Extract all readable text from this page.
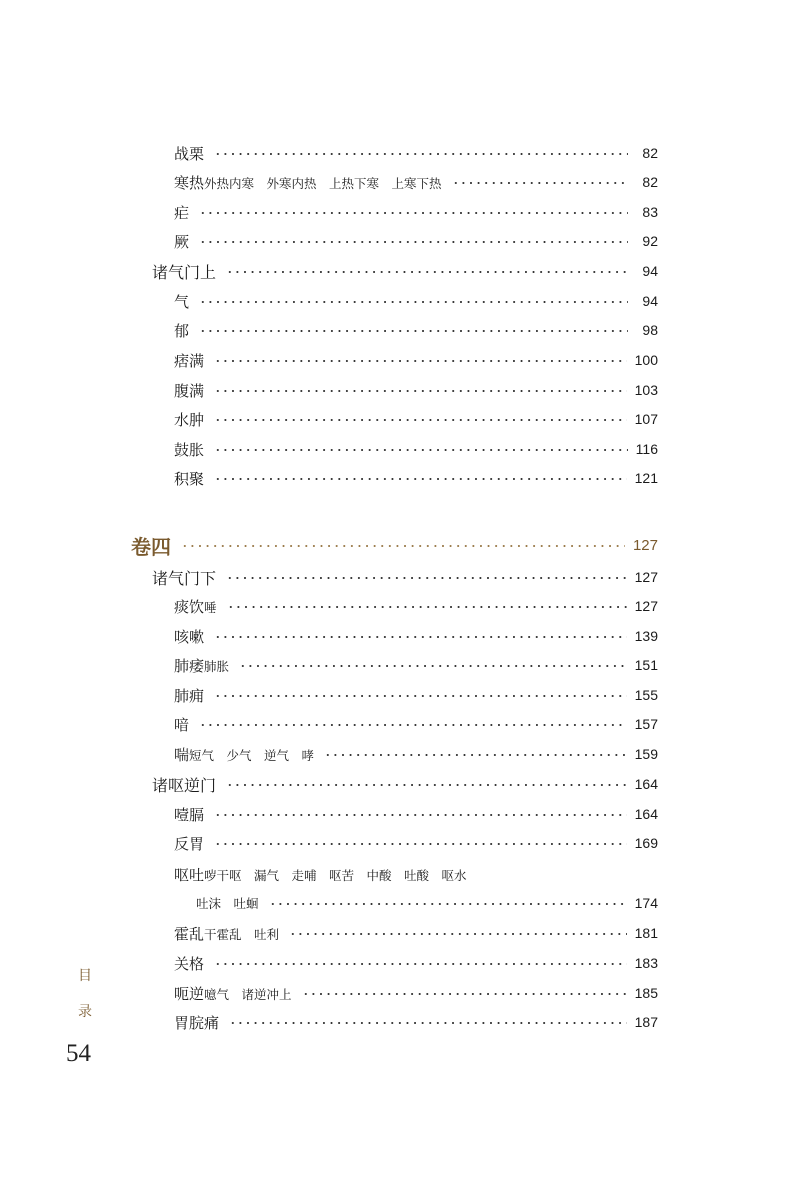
战栗	82
寒热外热内寒　外寒内热　上热下寒　上寒下热	82
疟	83
厥	92
诸气门上	94
气	94
郁	98
痞满	100
腹满	103
水肿	107
鼓胀	116
积聚	121
卷四	127
诸气门下	127
痰饮唾	127
咳嗽	139
肺痿肺胀	151
肺痈	155
喑	157
喘短气　少气　逆气　哮	159
诸呕逆门	164
噎膈	164
反胃	169
呕吐哕干呕　漏气　走哺　呕苦　中酸　吐酸　呕水
吐沫　吐蛔	174
霍乱干霍乱　吐利	181
关格	183
呃逆噫气　诸逆冲上	185
胃脘痛	187
目
录
54
